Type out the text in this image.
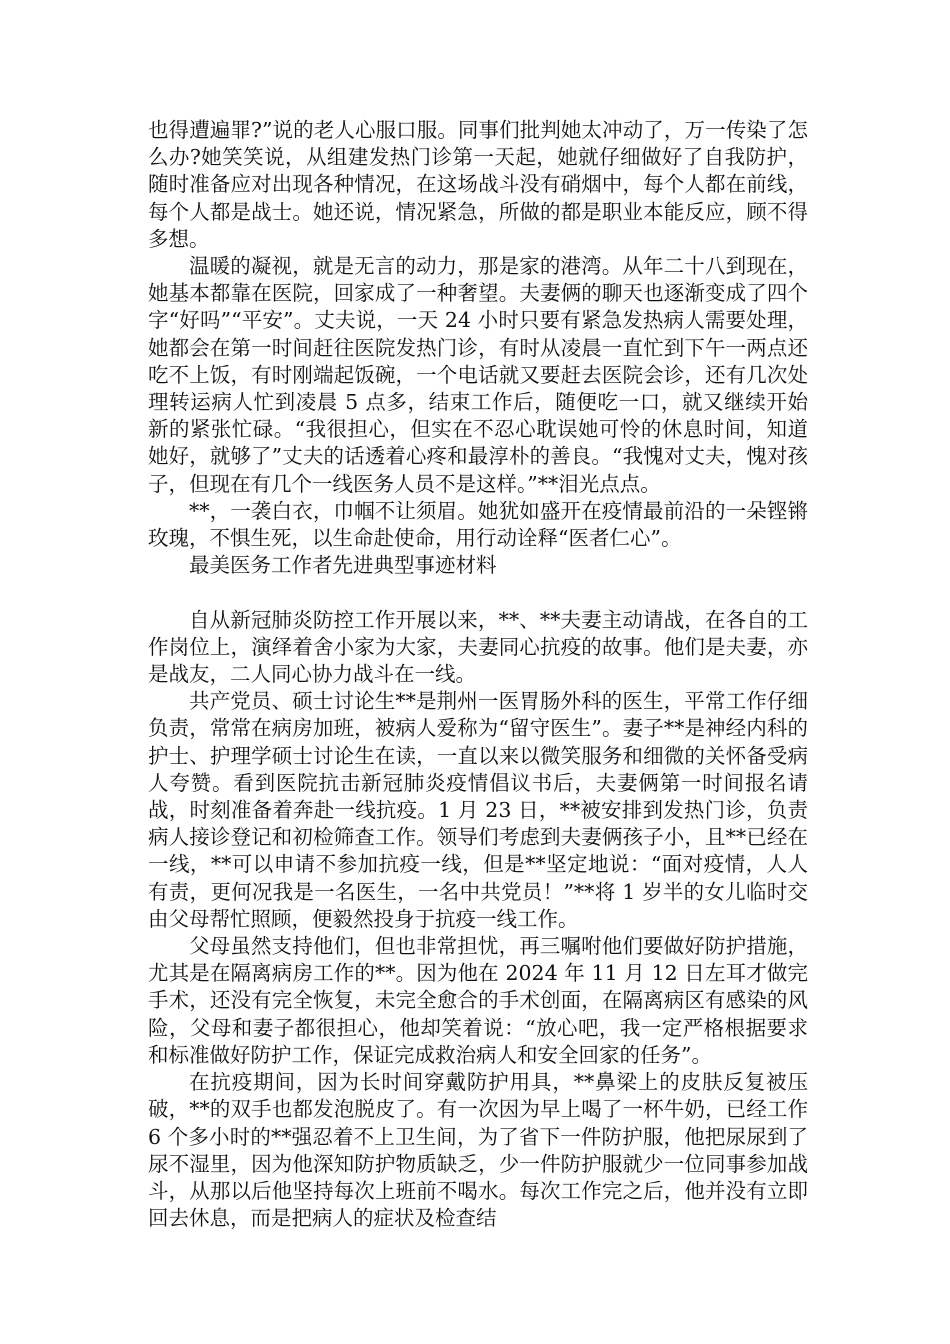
也得遭遍罪?”说的老人心服口服。同事们批判她太冲动了，万一传染了怎么办?她笑笑说，从组建发热门诊第一天起，她就仔细做好了自我防护，随时准备应对出现各种情况，在这场战斗没有硝烟中，每个人都在前线，每个人都是战士。她还说，情况紧急，所做的都是职业本能反应，顾不得多想。

温暖的凝视，就是无言的动力，那是家的港湾。从年二十八到现在，她基本都靠在医院，回家成了一种奢望。夫妻俩的聊天也逐渐变成了四个字“好吗”“平安”。丈夫说，一天 24 小时只要有紧急发热病人需要处理，她都会在第一时间赶往医院发热门诊，有时从凌晨一直忙到下午一两点还吃不上饭，有时刚端起饭碗，一个电话就又要赶去医院会诊，还有几次处理转运病人忙到凌晨 5 点多，结束工作后，随便吃一口，就又继续开始新的紧张忙碌。“我很担心，但实在不忍心耽误她可怜的休息时间，知道她好，就够了”丈夫的话透着心疼和最淳朴的善良。“我愧对丈夫，愧对孩子，但现在有几个一线医务人员不是这样。”**泪光点点。

**，一袭白衣，巾帼不让须眉。她犹如盛开在疫情最前沿的一朵铿锵玫瑰，不惧生死，以生命赴使命，用行动诠释“医者仁心”。

最美医务工作者先进典型事迹材料

自从新冠肺炎防控工作开展以来，**、**夫妻主动请战，在各自的工作岗位上，演绎着舍小家为大家，夫妻同心抗疫的故事。他们是夫妻，亦是战友，二人同心协力战斗在一线。

共产党员、硕士讨论生**是荆州一医胃肠外科的医生，平常工作仔细负责，常常在病房加班，被病人爱称为“留守医生”。妻子**是神经内科的护士、护理学硕士讨论生在读，一直以来以微笑服务和细微的关怀备受病人夸赞。看到医院抗击新冠肺炎疫情倡议书后，夫妻俩第一时间报名请战，时刻准备着奔赴一线抗疫。1 月 23 日，**被安排到发热门诊，负责病人接诊登记和初检筛查工作。领导们考虑到夫妻俩孩子小，且**已经在一线，**可以申请不参加抗疫一线，但是**坚定地说：“面对疫情，人人有责，更何况我是一名医生，一名中共党员！”**将 1 岁半的女儿临时交由父母帮忙照顾，便毅然投身于抗疫一线工作。

父母虽然支持他们，但也非常担忧，再三嘱咐他们要做好防护措施，尤其是在隔离病房工作的**。因为他在 2024 年 11 月 12 日左耳才做完手术，还没有完全恢复，未完全愈合的手术创面，在隔离病区有感染的风险，父母和妻子都很担心，他却笑着说：“放心吧，我一定严格根据要求和标准做好防护工作，保证完成救治病人和安全回家的任务”。

在抗疫期间，因为长时间穿戴防护用具，**鼻梁上的皮肤反复被压破，**的双手也都发泡脱皮了。有一次因为早上喝了一杯牛奶，已经工作 6 个多小时的**强忍着不上卫生间，为了省下一件防护服，他把尿尿到了尿不湿里，因为他深知防护物质缺乏，少一件防护服就少一位同事参加战斗，从那以后他坚持每次上班前不喝水。每次工作完之后，他并没有立即回去休息，而是把病人的症状及检查结
